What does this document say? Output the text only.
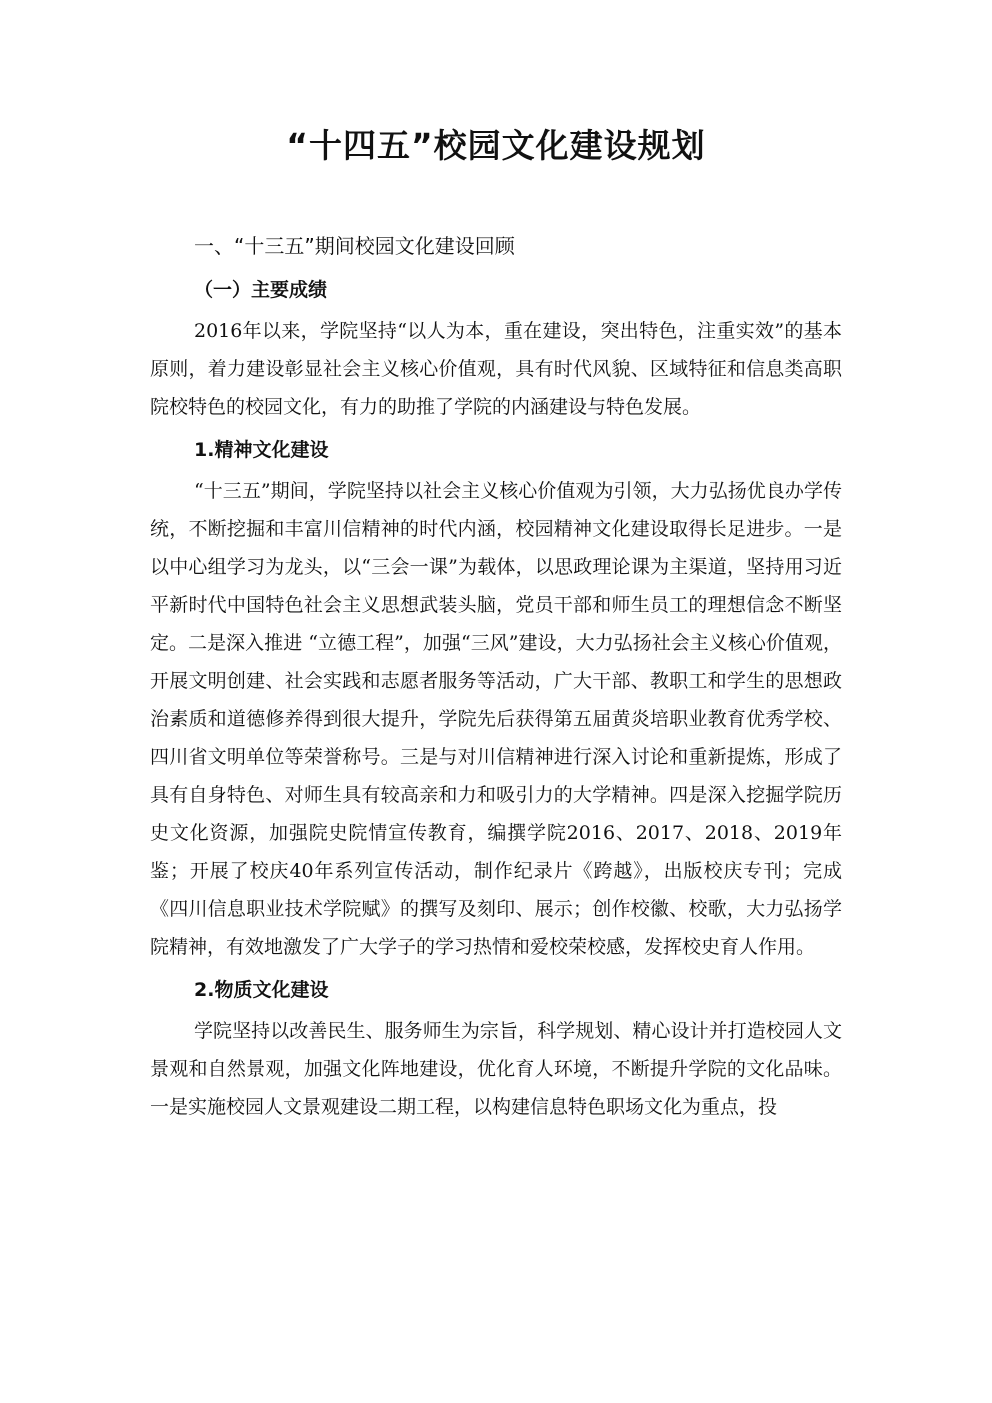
“十四五”校园文化建设规划
一、“十三五”期间校园文化建设回顾
（一）主要成绩

2016年以来，学院坚持“以人为本，重在建设，突出特色，注重实效”的基本原则，着力建设彰显社会主义核心价值观，具有时代风貌、区域特征和信息类高职院校特色的校园文化，有力的助推了学院的内涵建设与特色发展。

1.精神文化建设

“十三五”期间，学院坚持以社会主义核心价值观为引领，大力弘扬优良办学传统，不断挖掘和丰富川信精神的时代内涵，校园精神文化建设取得长足进步。一是以中心组学习为龙头，以“三会一课”为载体，以思政理论课为主渠道，坚持用习近平新时代中国特色社会主义思想武装头脑，党员干部和师生员工的理想信念不断坚定。二是深入推进 “立德工程”，加强“三风”建设，大力弘扬社会主义核心价值观，开展文明创建、社会实践和志愿者服务等活动，广大干部、教职工和学生的思想政治素质和道德修养得到很大提升，学院先后获得第五届黄炎培职业教育优秀学校、四川省文明单位等荣誉称号。三是与对川信精神进行深入讨论和重新提炼，形成了具有自身特色、对师生具有较高亲和力和吸引力的大学精神。四是深入挖掘学院历史文化资源，加强院史院情宣传教育，编撰学院2016、2017、2018、2019年鉴；开展了校庆40年系列宣传活动，制作纪录片《跨越》，出版校庆专刊；完成《四川信息职业技术学院赋》的撰写及刻印、展示；创作校徽、校歌，大力弘扬学院精神，有效地激发了广大学子的学习热情和爱校荣校感，发挥校史育人作用。

2.物质文化建设

学院坚持以改善民生、服务师生为宗旨，科学规划、精心设计并打造校园人文景观和自然景观，加强文化阵地建设，优化育人环境，不断提升学院的文化品味。一是实施校园人文景观建设二期工程，以构建信息特色职场文化为重点，投
